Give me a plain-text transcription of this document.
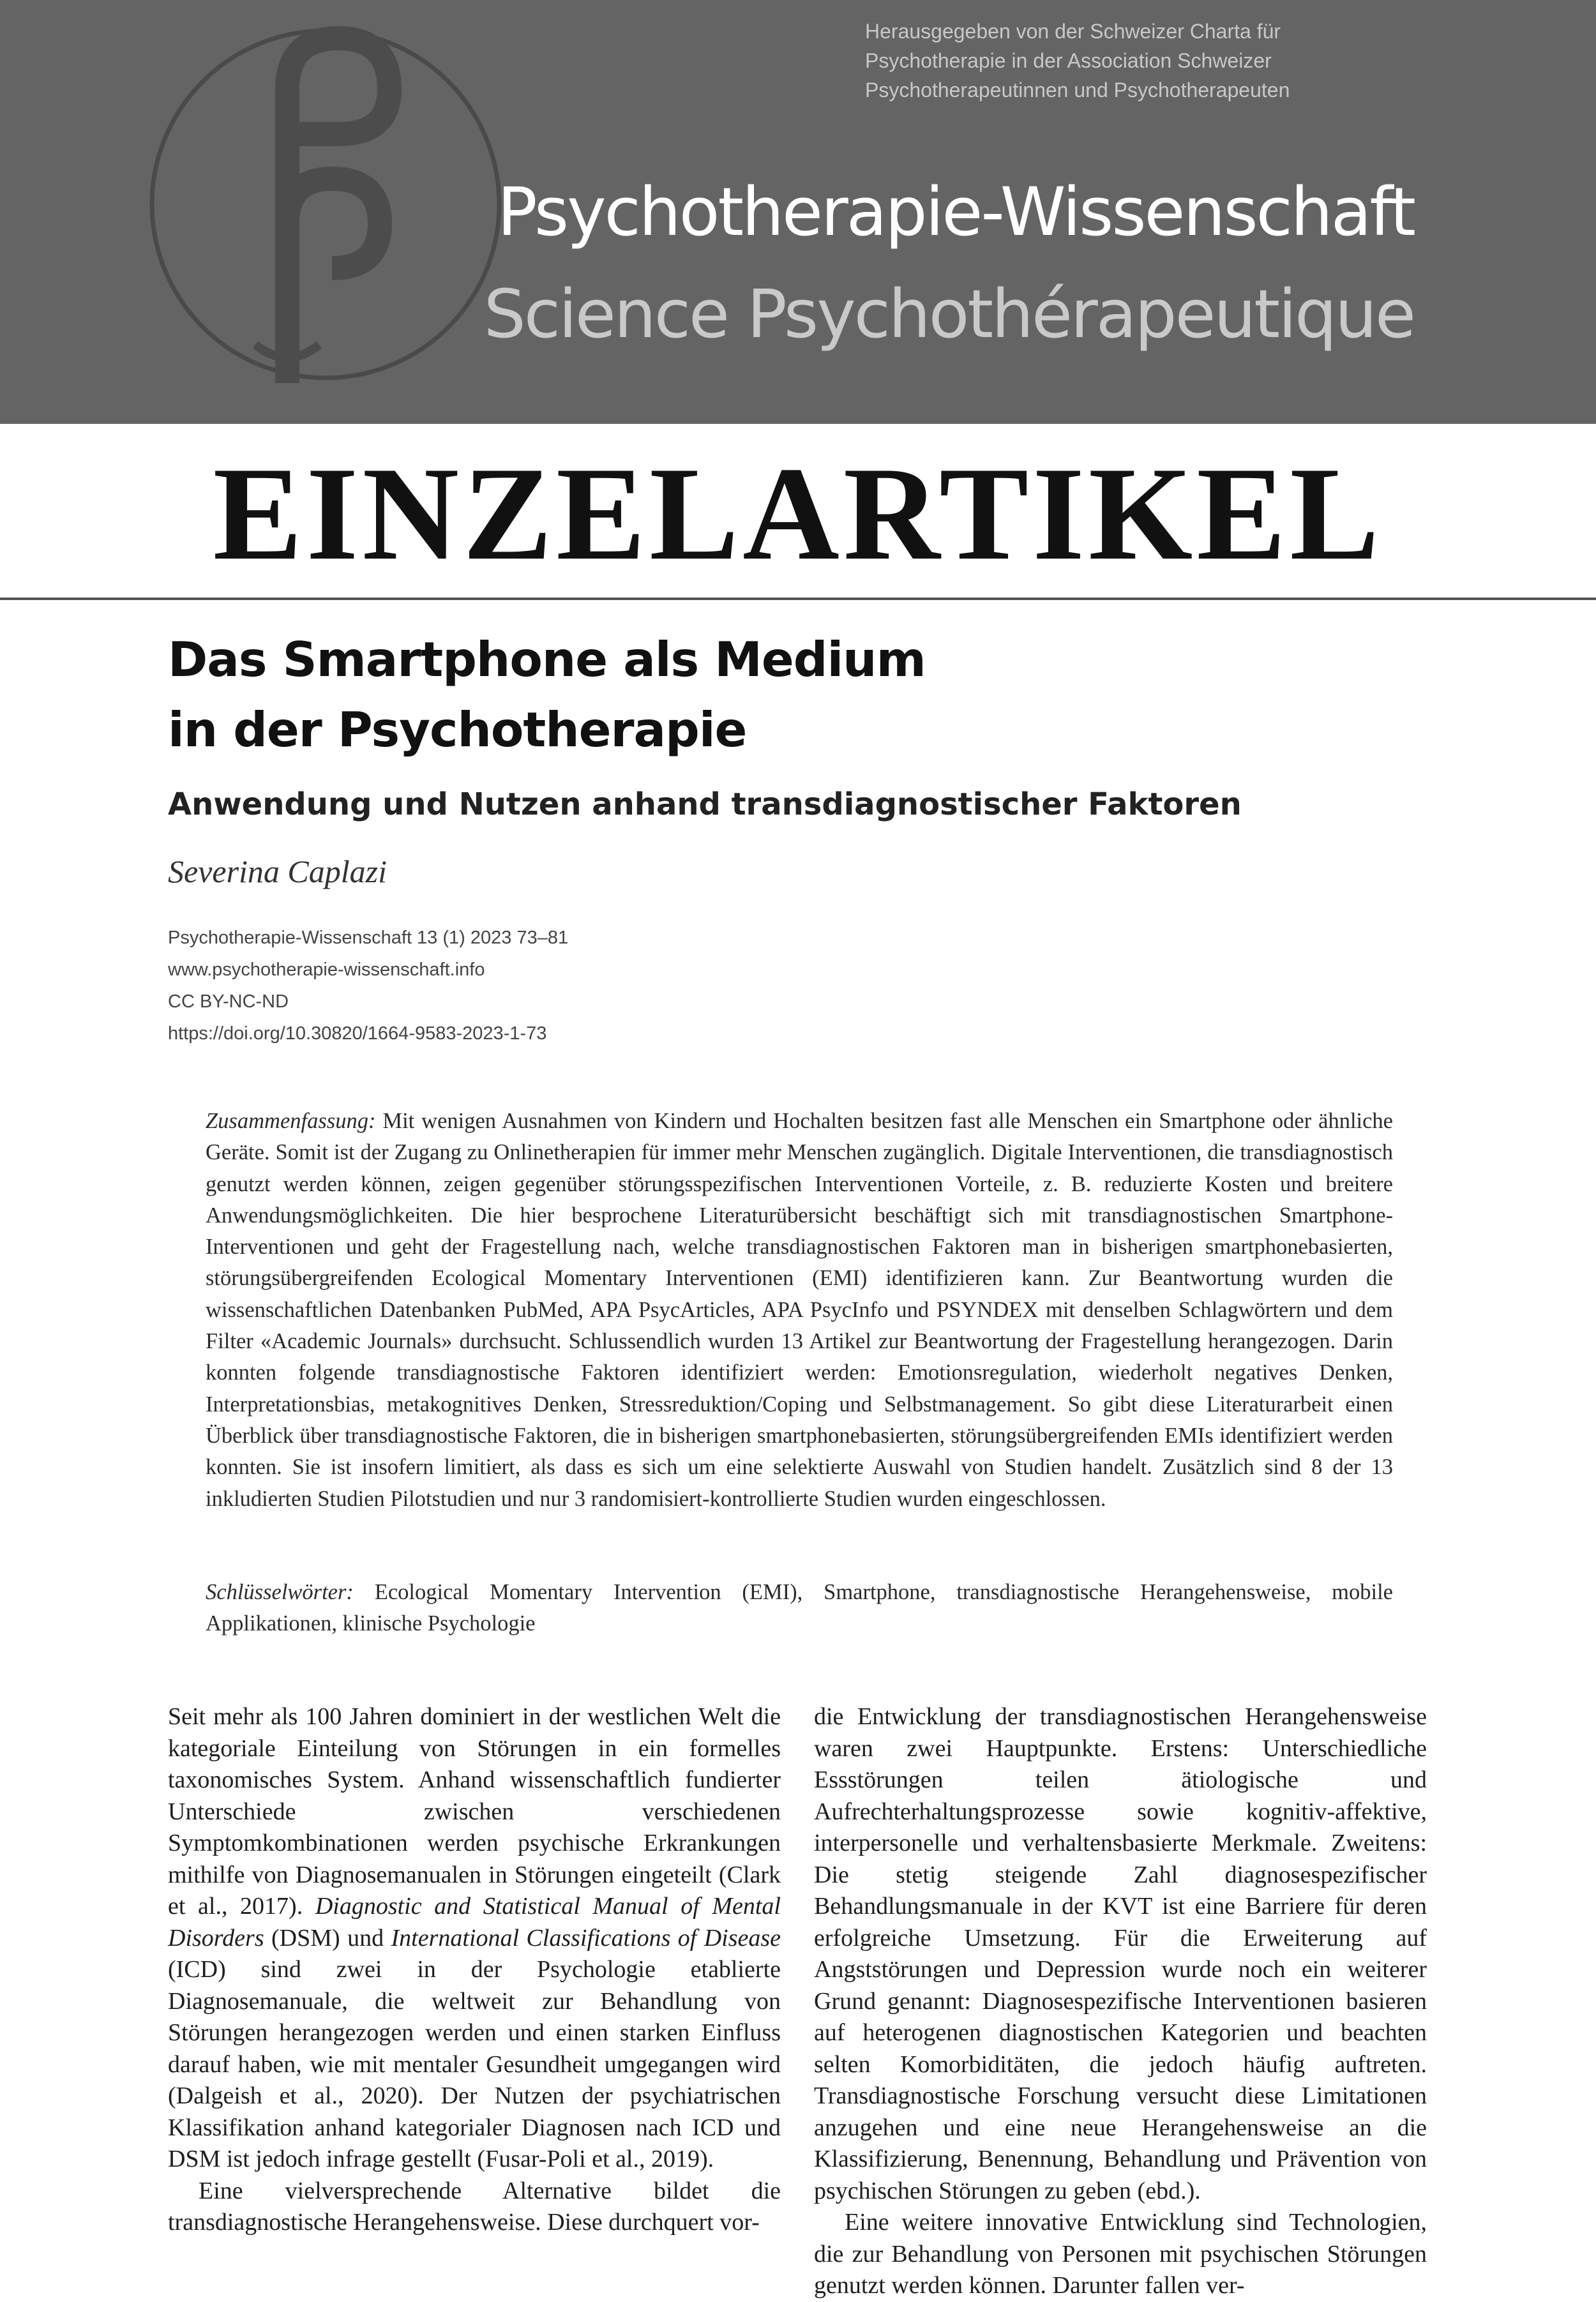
Herausgegeben von der Schweizer Charta für
Psychotherapie in der Association Schweizer
Psychotherapeutinnen und Psychotherapeuten
Psychotherapie-Wissenschaft
Science Psychothérapeutique
EINZELARTIKEL
Das Smartphone als Medium
in der Psychotherapie
Anwendung und Nutzen anhand transdiagnostischer Faktoren
Severina Caplazi
Psychotherapie-Wissenschaft 13 (1) 2023 73–81
www.psychotherapie-wissenschaft.info
CC BY-NC-ND
https://doi.org/10.30820/1664-9583-2023-1-73
Zusammenfassung: Mit wenigen Ausnahmen von Kindern und Hochalten besitzen fast alle Menschen ein Smartphone oder ähnliche Geräte. Somit ist der Zugang zu Onlinetherapien für immer mehr Menschen zugänglich. Digitale Interventionen, die transdiagnostisch genutzt werden können, zeigen gegenüber störungsspezifischen Interventionen Vorteile, z. B. reduzierte Kosten und breitere Anwendungsmöglichkeiten. Die hier besprochene Literaturübersicht beschäftigt sich mit transdiagnostischen Smartphone-Interventionen und geht der Fragestellung nach, welche transdiagnostischen Faktoren man in bisherigen smartphonebasierten, störungsübergreifenden Ecological Momentary Interventionen (EMI) identifizieren kann. Zur Beantwortung wurden die wissenschaftlichen Datenbanken PubMed, APA PsycArticles, APA PsycInfo und PSYNDEX mit denselben Schlagwörtern und dem Filter «Academic Journals» durchsucht. Schlussendlich wurden 13 Artikel zur Beantwortung der Fragestellung herangezogen. Darin konnten folgende transdiagnostische Faktoren identifiziert werden: Emotionsregulation, wiederholt negatives Denken, Interpretationsbias, metakognitives Denken, Stressreduktion/Coping und Selbstmanagement. So gibt diese Literaturarbeit einen Überblick über transdiagnostische Faktoren, die in bisherigen smartphonebasierten, störungsübergreifenden EMIs identifiziert werden konnten. Sie ist insofern limitiert, als dass es sich um eine selektierte Auswahl von Studien handelt. Zusätzlich sind 8 der 13 inkludierten Studien Pilotstudien und nur 3 randomisiert-kontrollierte Studien wurden eingeschlossen.
Schlüsselwörter: Ecological Momentary Intervention (EMI), Smartphone, transdiagnostische Herangehensweise, mobile Applikationen, klinische Psychologie

Seit mehr als 100 Jahren dominiert in der westlichen Welt die kategoriale Einteilung von Störungen in ein formelles taxonomisches System. Anhand wissenschaftlich fundierter Unterschiede zwischen verschiedenen Symptomkombinationen werden psychische Erkrankungen mithilfe von Diagnosemanualen in Störungen eingeteilt (Clark et al., 2017). Diagnostic and Statistical Manual of Mental Disorders (DSM) und International Classifications of Disease (ICD) sind zwei in der Psychologie etablierte Diagnosemanuale, die weltweit zur Behandlung von Störungen herangezogen werden und einen starken Einfluss darauf haben, wie mit mentaler Gesundheit umgegangen wird (Dalgeish et al., 2020). Der Nutzen der psychiatrischen Klassifikation anhand kategorialer Diagnosen nach ICD und DSM ist jedoch infrage gestellt (Fusar-Poli et al., 2019).

Eine vielversprechende Alternative bildet die transdiagnostische Herangehensweise. Diese durchquert vor-

die Entwicklung der transdiagnostischen Herangehensweise waren zwei Hauptpunkte. Erstens: Unterschiedliche Essstörungen teilen ätiologische und Aufrechterhaltungsprozesse sowie kognitiv-affektive, interpersonelle und verhaltensbasierte Merkmale. Zweitens: Die stetig steigende Zahl diagnosespezifischer Behandlungsmanuale in der KVT ist eine Barriere für deren erfolgreiche Umsetzung. Für die Erweiterung auf Angststörungen und Depression wurde noch ein weiterer Grund genannt: Diagnosespezifische Interventionen basieren auf heterogenen diagnostischen Kategorien und beachten selten Komorbiditäten, die jedoch häufig auftreten. Transdiagnostische Forschung versucht diese Limitationen anzugehen und eine neue Herangehensweise an die Klassifizierung, Benennung, Behandlung und Prävention von psychischen Störungen zu geben (ebd.).

Eine weitere innovative Entwicklung sind Technologien, die zur Behandlung von Personen mit psychischen Störungen genutzt werden können. Darunter fallen ver-
